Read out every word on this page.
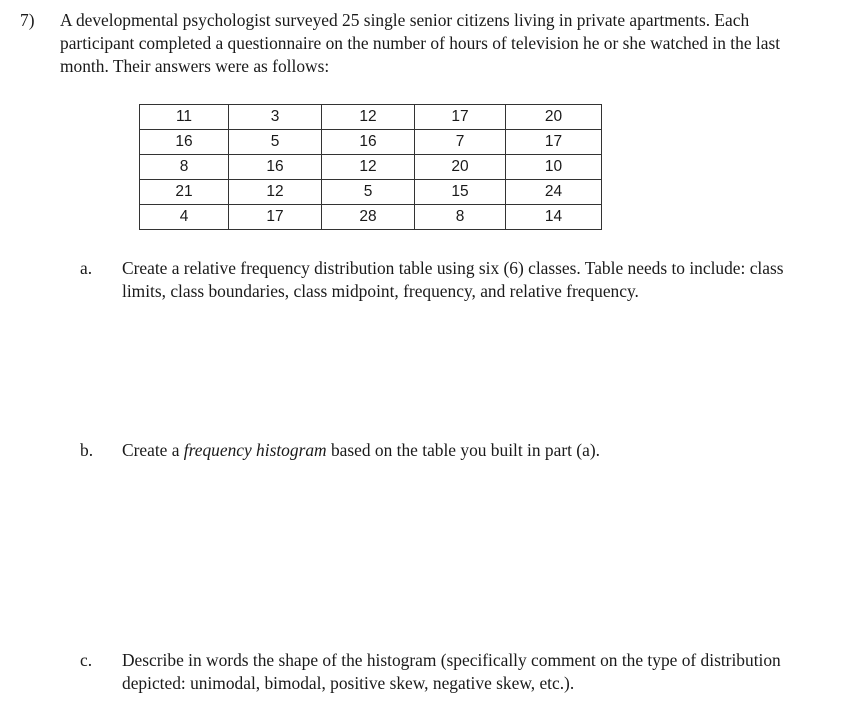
7) A developmental psychologist surveyed 25 single senior citizens living in private apartments. Each participant completed a questionnaire on the number of hours of television he or she watched in the last month. Their answers were as follows:
11	3	12	17	20
16	5	16	7	17
8	16	12	20	10
21	12	5	15	24
4	17	28	8	14
a. Create a relative frequency distribution table using six (6) classes. Table needs to include: class limits, class boundaries, class midpoint, frequency, and relative frequency.
b. Create a frequency histogram based on the table you built in part (a).
c. Describe in words the shape of the histogram (specifically comment on the type of distribution depicted: unimodal, bimodal, positive skew, negative skew, etc.).
